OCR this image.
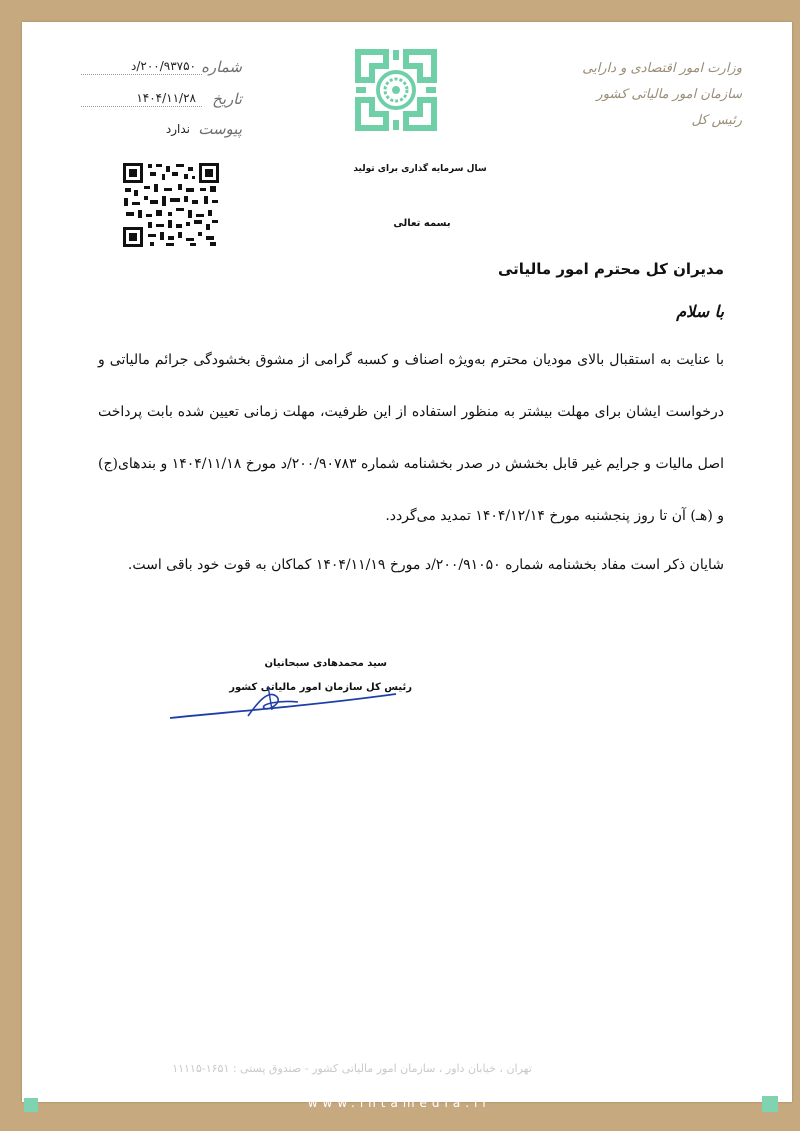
شماره
۲۰۰/۹۳۷۵۰/د
تاریخ
۱۴۰۴/۱۱/۲۸
پیوست
ندارد
وزارت امور اقتصادی و دارایی
سازمان امور مالیاتی کشور
رئیس کل
سال سرمایه گذاری برای تولید
بسمه تعالی
مدیران کل محترم امور مالیاتی
با سلام
با عنایت به استقبال بالای مودیان محترم به‌ویژه اصناف و کسبه گرامی از مشوق بخشودگی جرائم مالیاتی و درخواست ایشان برای مهلت بیشتر به منظور استفاده از این ظرفیت، مهلت زمانی تعیین شده بابت پرداخت اصل مالیات و جرایم غیر قابل بخشش در صدر بخشنامه شماره ۲۰۰/۹۰۷۸۳/د مورخ ۱۴۰۴/۱۱/۱۸ و بندهای(ج) و (هـ) آن تا روز پنجشنبه مورخ ۱۴۰۴/۱۲/۱۴ تمدید می‌گردد.
شایان ذکر است مفاد بخشنامه شماره ۲۰۰/۹۱۰۵۰/د مورخ ۱۴۰۴/۱۱/۱۹ کماکان به قوت خود باقی است.
سید محمدهادی سبحانیان
رئیس کل سازمان امور مالیاتی کشور
تهران ، خیابان داور ، سازمان امور مالیاتی کشور - صندوق پستی : ۱۶۵۱-۱۱۱۱۵
www.intamedia.ir
